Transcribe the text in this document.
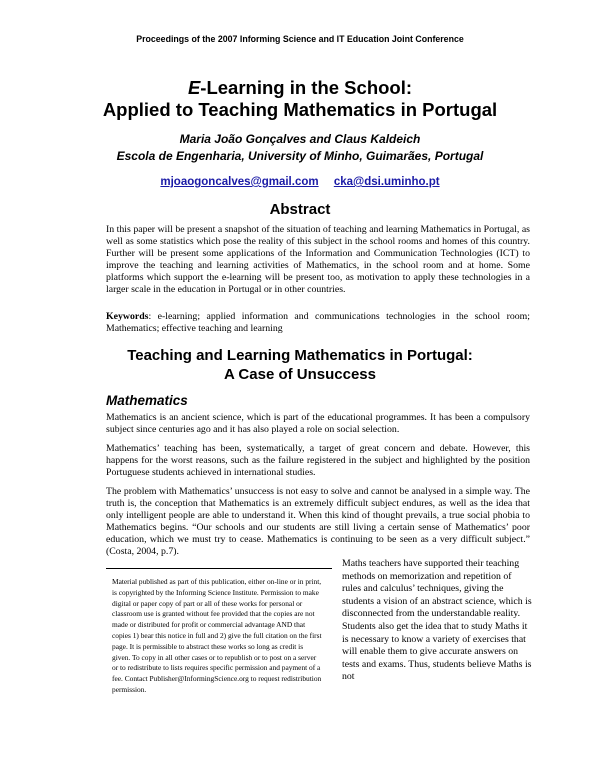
Proceedings of the 2007 Informing Science and IT Education Joint Conference
E-Learning in the School:
Applied to Teaching Mathematics in Portugal
Maria João Gonçalves and Claus Kaldeich
Escola de Engenharia, University of Minho, Guimarães, Portugal
mjoaogoncalves@gmail.com cka@dsi.uminho.pt
Abstract
In this paper will be present a snapshot of the situation of teaching and learning Mathematics in Portugal, as well as some statistics which pose the reality of this subject in the school rooms and homes of this country. Further will be present some applications of the Information and Communication Technologies (ICT) to improve the teaching and learning activities of Mathematics, in the school room and at home. Some platforms which support the e-learning will be present too, as motivation to apply these technologies in a larger scale in the education in Portugal or in other countries.
Keywords: e-learning; applied information and communications technologies in the school room; Mathematics; effective teaching and learning
Teaching and Learning Mathematics in Portugal:
A Case of Unsuccess
Mathematics
Mathematics is an ancient science, which is part of the educational programmes. It has been a compulsory subject since centuries ago and it has also played a role on social selection.
Mathematics’ teaching has been, systematically, a target of great concern and debate. However, this happens for the worst reasons, such as the failure registered in the subject and highlighted by the position Portuguese students achieved in international studies.
The problem with Mathematics’ unsuccess is not easy to solve and cannot be analysed in a simple way. The truth is, the conception that Mathematics is an extremely difficult subject endures, as well as the idea that only intelligent people are able to understand it. When this kind of thought prevails, a true social phobia to Mathematics begins. “Our schools and our students are still living a certain sense of Mathematics’ poor education, which we must try to cease. Mathematics is continuing to be seen as a very difficult subject.” (Costa, 2004, p.7).
Material published as part of this publication, either on-line or in print, is copyrighted by the Informing Science Institute. Permission to make digital or paper copy of part or all of these works for personal or classroom use is granted without fee provided that the copies are not made or distributed for profit or commercial advantage AND that copies 1) bear this notice in full and 2) give the full citation on the first page. It is permissible to abstract these works so long as credit is given. To copy in all other cases or to republish or to post on a server or to redistribute to lists requires specific permission and payment of a fee. Contact Publisher@InformingScience.org to request redistribution permission.
Maths teachers have supported their teaching methods on memorization and repetition of rules and calculus’ techniques, giving the students a vision of an abstract science, which is disconnected from the understandable reality. Students also get the idea that to study Maths it is necessary to know a variety of exercises that will enable them to give accurate answers on tests and exams. Thus, students believe Maths is not
